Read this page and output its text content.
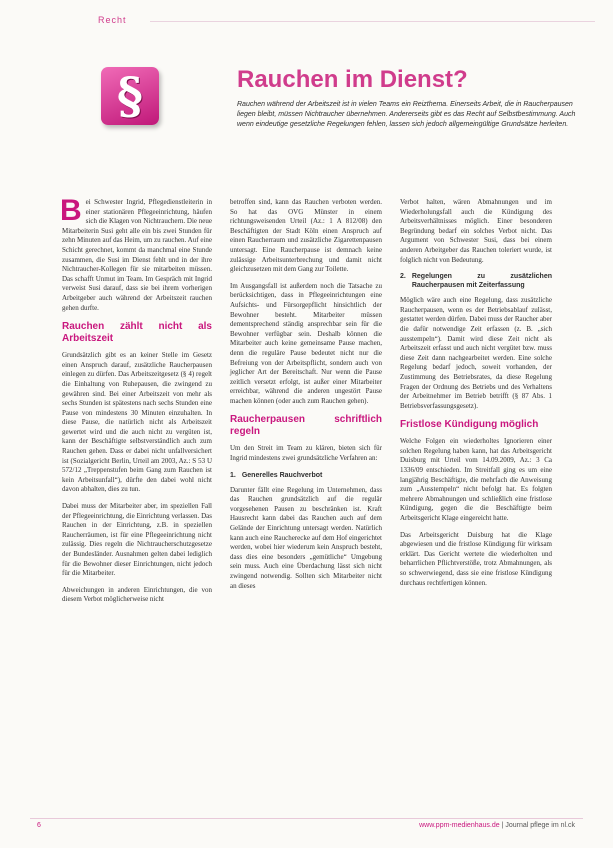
Recht
§	Rauchen im Dienst?
Rauchen während der Arbeitszeit ist in vielen Teams ein Reizthema. Einerseits Arbeit, die in Raucherpausen liegen bleibt, müssen Nichtraucher übernehmen. Andererseits gibt es das Recht auf Selbstbestimmung. Auch wenn eindeutige gesetzliche Regelungen fehlen, lassen sich jedoch allgemeingültige Grundsätze herleiten.

Bei Schwester Ingrid, Pflegedienstleiterin in einer stationären Pflegeeinrichtung, häufen sich die Klagen von Nichtrauchern. Die neue Mitarbeiterin Susi geht alle ein bis zwei Stunden für zehn Minuten auf das Heim, um zu rauchen. Auf eine Schicht gerechnet, kommt da manchmal eine Stunde zusammen, die Susi im Dienst fehlt und in der ihre Nichtraucher-Kollegen für sie mitarbeiten müssen. Das schafft Unmut im Team. Im Gespräch mit Ingrid verweist Susi darauf, dass sie bei ihrem vorherigen Arbeitgeber auch während der Arbeitszeit rauchen gehen durfte.

Rauchen zählt nicht als Arbeitszeit

Grundsätzlich gibt es an keiner Stelle im Gesetz einen Anspruch darauf, zusätzliche Raucherpausen einlegen zu dürfen. Das Arbeitszeitgesetz (§ 4) regelt die Einhaltung von Ruhepausen, die zwingend zu gewähren sind. Bei einer Arbeitszeit von mehr als sechs Stunden ist spätestens nach sechs Stunden eine Pause von mindestens 30 Minuten einzuhalten. In diese Pause, die natürlich nicht als Arbeitszeit gewertet wird und die auch nicht zu vergüten ist, kann der Beschäftigte selbstverständlich auch zum Rauchen gehen. Dass er dabei nicht unfallversichert ist (Sozialgericht Berlin, Urteil am 2003, Az.: S 53 U 572/12 „Treppenstufen beim Gang zum Rauchen ist kein Arbeitsunfall“), dürfte den dabei wohl nicht davon abhalten, dies zu tun.

Dabei muss der Mitarbeiter aber, im speziellen Fall der Pflegeeinrichtung, die Einrichtung verlassen. Das Rauchen in der Einrichtung, z.B. in speziellen Raucherräumen, ist für eine Pflegeeinrichtung nicht zulässig. Dies regeln die Nichtraucherschutzgesetze der Bundesländer. Ausnahmen gelten dabei lediglich für die Bewohner dieser Einrichtungen, nicht jedoch für die Mitarbeiter.

Abweichungen in anderen Einrichtungen, die von diesem Verbot möglicherweise nicht

betroffen sind, kann das Rauchen verboten werden. So hat das OVG Münster in einem richtungsweisenden Urteil (Az.: 1 A 812/08) den Beschäftigten der Stadt Köln einen Anspruch auf einen Raucherraum und zusätzliche Zigarettenpausen untersagt. Eine Raucherpause ist demnach keine zulässige Arbeitsunterbrechung und damit nicht gleichzusetzen mit dem Gang zur Toilette.

Im Ausgangsfall ist außerdem noch die Tatsache zu berücksichtigen, dass in Pflegeeinrichtungen eine Aufsichts- und Fürsorgepflicht hinsichtlich der Bewohner besteht. Mitarbeiter müssen dementsprechend ständig ansprechbar sein für die Bewohner verfügbar sein. Deshalb können die Mitarbeiter auch keine gemeinsame Pause machen, denn die reguläre Pause bedeutet nicht nur die Befreiung von der Arbeitspflicht, sondern auch von jeglicher Art der Bereitschaft. Nur wenn die Pause zeitlich versetzt erfolgt, ist außer einer Mitarbeiter erreichbar, während die anderen ungestört Pause machen können (oder auch zum Rauchen gehen).

Raucherpausen schriftlich regeln

Um den Streit im Team zu klären, bieten sich für Ingrid mindestens zwei grundsätzliche Verfahren an:

1. Generelles Rauchverbot

Darunter fällt eine Regelung im Unternehmen, dass das Rauchen grundsätzlich auf die regulär vorgesehenen Pausen zu beschränken ist. Kraft Hausrecht kann dabei das Rauchen auch auf dem Gelände der Einrichtung untersagt werden. Natürlich kann auch eine Raucherecke auf dem Hof eingerichtet werden, wobei hier wiederum kein Anspruch besteht, dass dies eine besonders „gemütliche“ Umgebung sein muss. Auch eine Überdachung lässt sich nicht zwingend notwendig. Sollten sich Mitarbeiter nicht an dieses

Verbot halten, wären Abmahnungen und im Wiederholungsfall auch die Kündigung des Arbeitsverhältnisses möglich. Einer besonderen Begründung bedarf ein solches Verbot nicht. Das Argument von Schwester Susi, dass bei einem anderen Arbeitgeber das Rauchen toleriert wurde, ist folglich nicht von Bedeutung.

2. Regelungen zu zusätzlichen Raucherpausen mit Zeiterfassung

Möglich wäre auch eine Regelung, dass zusätzliche Raucherpausen, wenn es der Betriebsablauf zulässt, gestattet werden dürfen. Dabei muss der Raucher aber die dafür notwendige Zeit erfassen (z. B. „sich ausstempeln“). Damit wird diese Zeit nicht als Arbeitszeit erfasst und auch nicht vergütet bzw. muss diese Zeit dann nachgearbeitet werden. Eine solche Regelung bedarf jedoch, soweit vorhanden, der Zustimmung des Betriebsrates, da diese Regelung Fragen der Ordnung des Betriebs und des Verhaltens der Arbeitnehmer im Betrieb betrifft (§ 87 Abs. 1 Betriebsverfassungsgesetz).

Fristlose Kündigung möglich

Welche Folgen ein wiederholtes Ignorieren einer solchen Regelung haben kann, hat das Arbeitsgericht Duisburg mit Urteil vom 14.09.2009, Az.: 3 Ca 1336/09 entschieden. Im Streitfall ging es um eine langjährig Beschäftigte, die mehrfach die Anweisung zum „Ausstempeln“ nicht befolgt hat. Es folgten mehrere Abmahnungen und schließlich eine fristlose Kündigung, gegen die die Beschäftigte beim Arbeitsgericht Klage eingereicht hatte.

Das Arbeitsgericht Duisburg hat die Klage abgewiesen und die fristlose Kündigung für wirksam erklärt. Das Gericht wertete die wiederholten und beharrlichen Pflichtverstöße, trotz Abmahnungen, als so schwerwiegend, dass sie eine fristlose Kündigung durchaus rechtfertigen können.

6	www.ppm-medienhaus.de | Journal pflege im nl.ck
